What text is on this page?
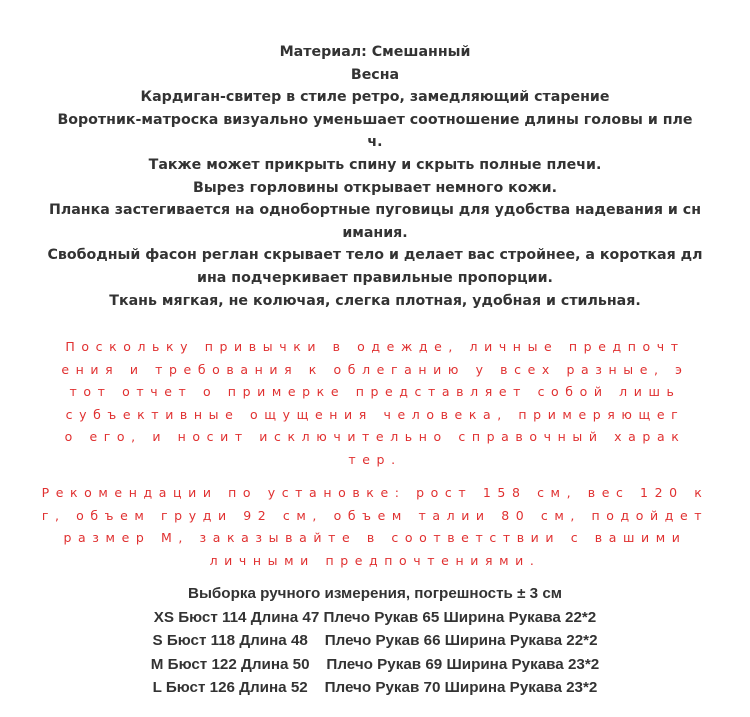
Материал: Смешанный
Весна
Кардиган-свитер в стиле ретро, замедляющий старение
Воротник-матроска визуально уменьшает соотношение длины головы и пле
ч.
Также может прикрыть спину и скрыть полные плечи.
Вырез горловины открывает немного кожи.
Планка застегивается на однобортные пуговицы для удобства надевания и сн
имания.
Свободный фасон реглан скрывает тело и делает вас стройнее, а короткая дл
ина подчеркивает правильные пропорции.
Ткань мягкая, не колючая, слегка плотная, удобная и стильная.
Поскольку привычки в одежде, личные предпочт
ения и требования к облеганию у всех разные, э
тот отчет о примерке представляет собой лишь
субъективные ощущения человека, примеряющег
о его, и носит исключительно справочный харак
тер.
Рекомендации по установке: рост 158 см, вес 120 к
г, объем груди 92 см, объем талии 80 см, подойдет
размер M, заказывайте в соответствии с вашими
личными предпочтениями.
Выборка ручного измерения, погрешность ± 3 см
XS Бюст 114 Длина 47 Плечо Рукав 65 Ширина Рукава 22*2
S Бюст 118 Длина 48    Плечо Рукав 66 Ширина Рукава 22*2
M Бюст 122 Длина 50    Плечо Рукав 69 Ширина Рукава 23*2
L Бюст 126 Длина 52    Плечо Рукав 70 Ширина Рукава 23*2
